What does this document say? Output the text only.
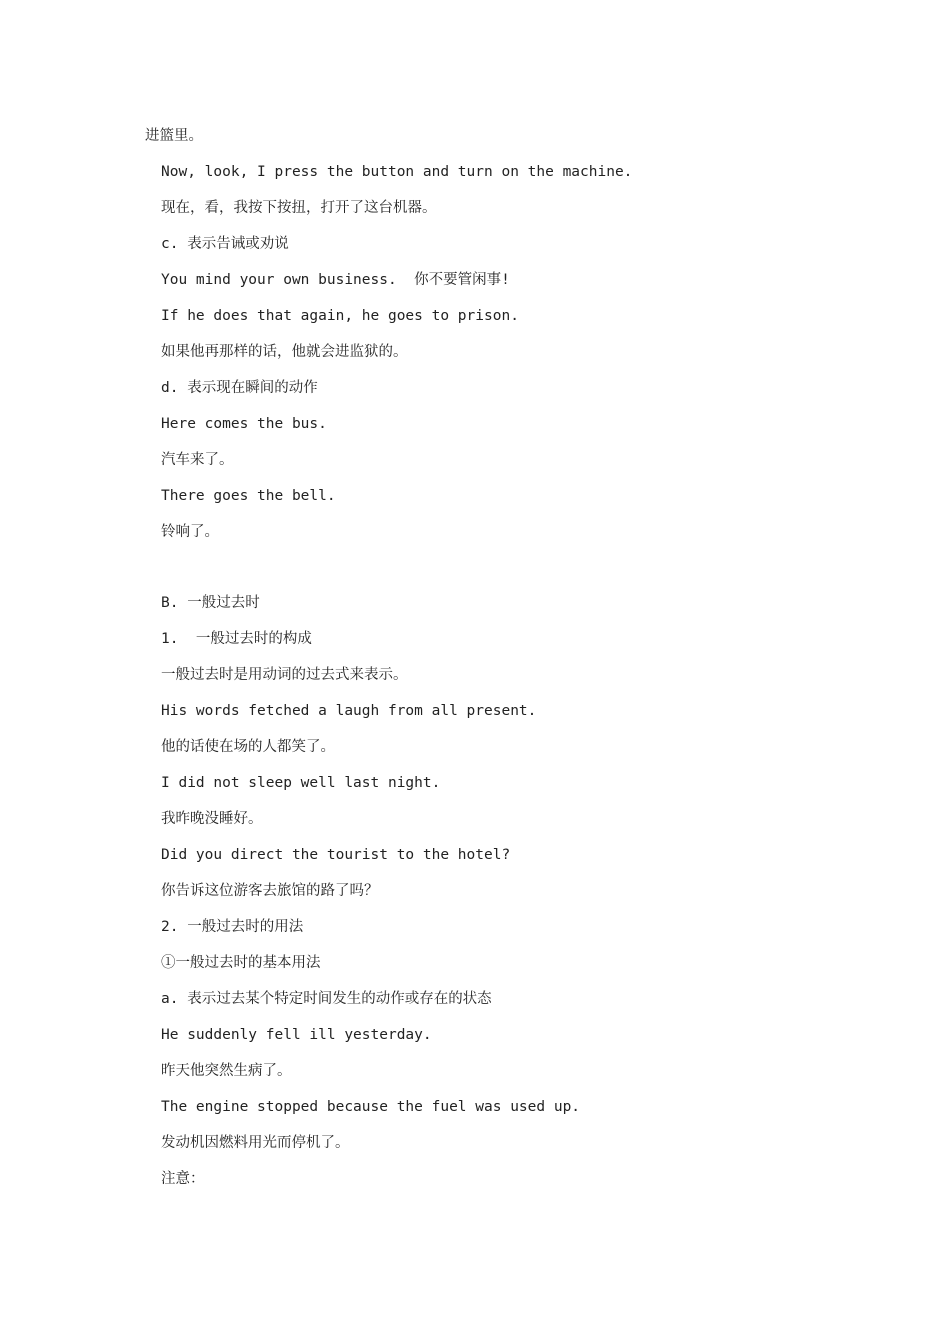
进篮里。
Now, look, I press the button and turn on the machine.
现在，看，我按下按扭，打开了这台机器。
c. 表示告诫或劝说
You mind your own business.  你不要管闲事!
If he does that again, he goes to prison.
如果他再那样的话，他就会进监狱的。
d. 表示现在瞬间的动作
Here comes the bus.
汽车来了。
There goes the bell.
铃响了。
B. 一般过去时
1.  一般过去时的构成
一般过去时是用动词的过去式来表示。
His words fetched a laugh from all present.
他的话使在场的人都笑了。
I did not sleep well last night.
我昨晚没睡好。
Did you direct the tourist to the hotel?
你告诉这位游客去旅馆的路了吗？
2. 一般过去时的用法
①一般过去时的基本用法
a. 表示过去某个特定时间发生的动作或存在的状态
He suddenly fell ill yesterday.
昨天他突然生病了。
The engine stopped because the fuel was used up.
发动机因燃料用光而停机了。
注意：
